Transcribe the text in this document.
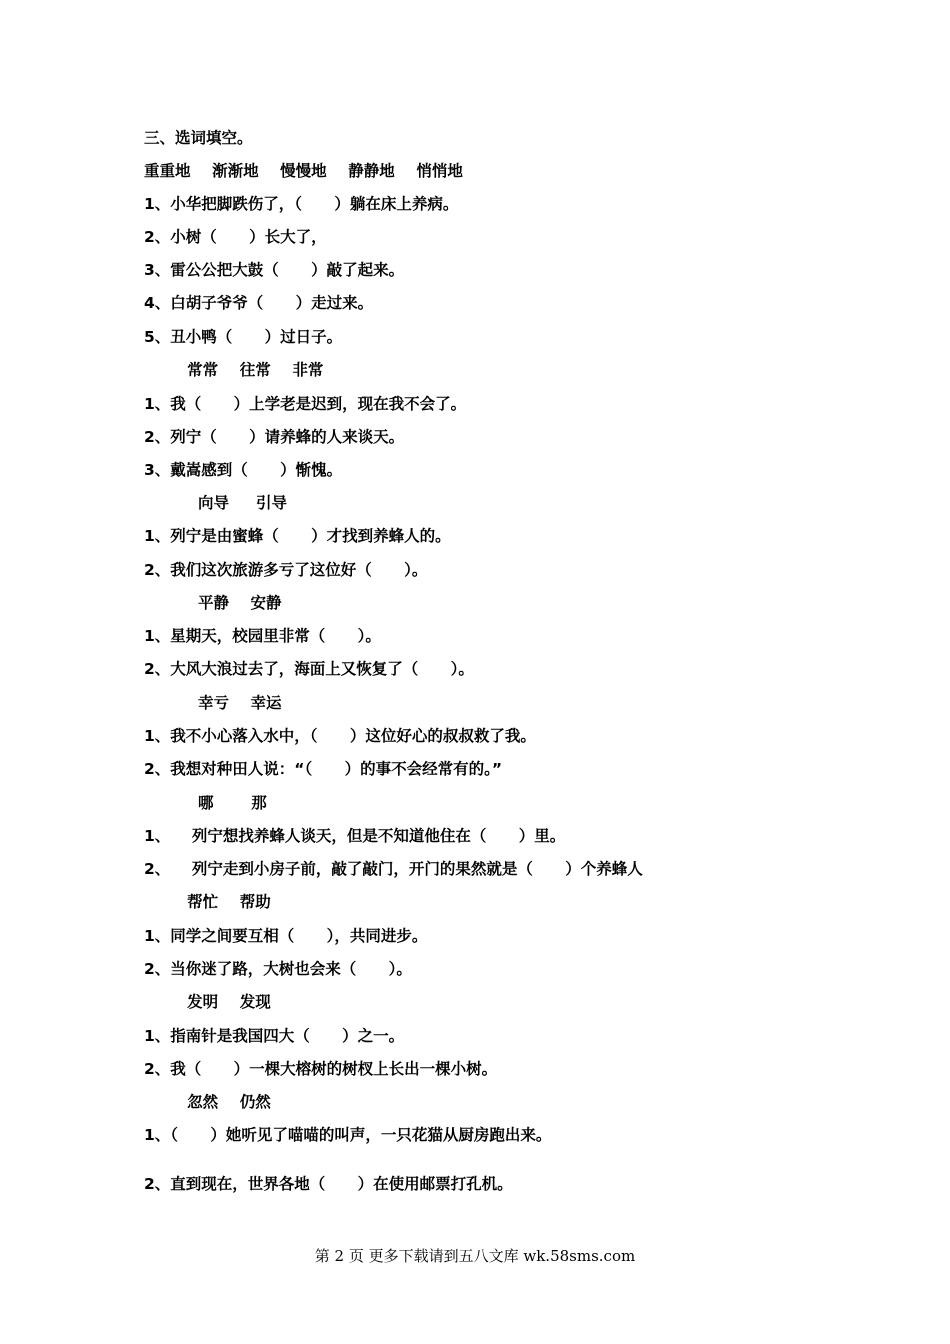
三、选词填空。
重重地    渐渐地    慢慢地    静静地    悄悄地
1、小华把脚跌伤了，（      ）躺在床上养病。
2、小树（      ）长大了，
3、雷公公把大鼓（      ）敲了起来。
4、白胡子爷爷（      ）走过来。
5、丑小鸭（      ）过日子。
常常    往常    非常
1、我（      ）上学老是迟到，现在我不会了。
2、列宁（      ）请养蜂的人来谈天。
3、戴嵩感到（      ）惭愧。
向导     引导
1、列宁是由蜜蜂（      ）才找到养蜂人的。
2、我们这次旅游多亏了这位好（      ）。
平静    安静
1、星期天，校园里非常（      ）。
2、大风大浪过去了，海面上又恢复了（      ）。
幸亏    幸运
1、我不小心落入水中，（      ）这位好心的叔叔救了我。
2、我想对种田人说：“（      ）的事不会经常有的。”
哪       那
1、    列宁想找养蜂人谈天，但是不知道他住在（      ）里。
2、    列宁走到小房子前，敲了敲门，开门的果然就是（      ）个养蜂人
帮忙    帮助
1、同学之间要互相（      ），共同进步。
2、当你迷了路，大树也会来（      ）。
发明    发现
1、指南针是我国四大（      ）之一。
2、我（      ）一棵大榕树的树杈上长出一棵小树。
忽然    仍然
1、（      ）她听见了喵喵的叫声，一只花猫从厨房跑出来。
2、直到现在，世界各地（      ）在使用邮票打孔机。
第 2 页 更多下载请到五八文库 wk.58sms.com
